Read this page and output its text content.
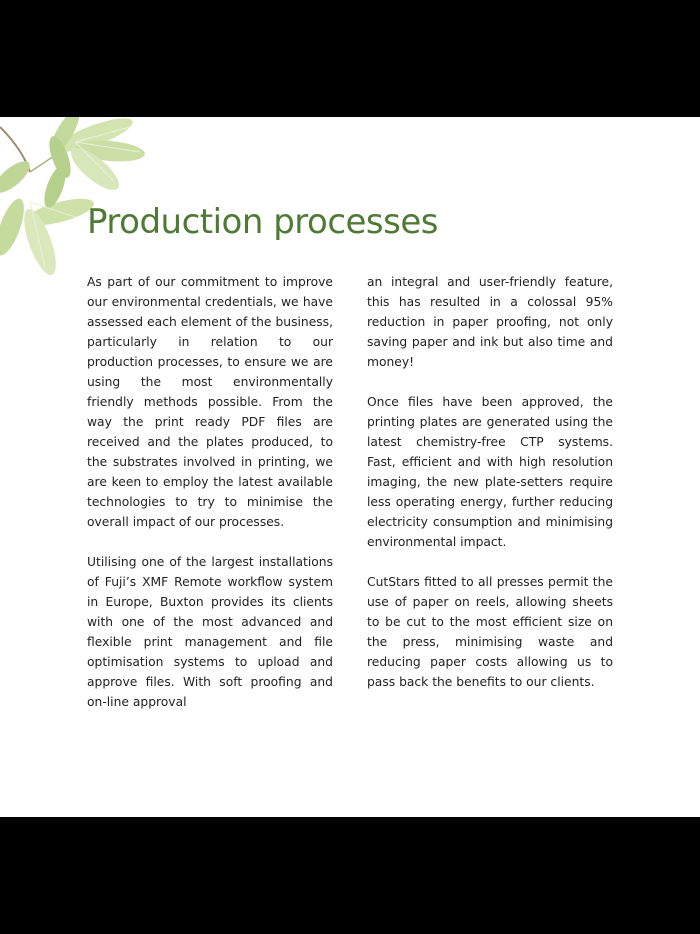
Production processes

As part of our commitment to improve our environmental credentials, we have assessed each element of the business, particularly in relation to our production processes, to ensure we are using the most environmentally friendly methods possible. From the way the print ready PDF files are received and the plates produced, to the substrates involved in printing, we are keen to employ the latest available technologies to try to minimise the overall impact of our processes.

Utilising one of the largest installations of Fuji’s XMF Remote workflow system in Europe, Buxton provides its clients with one of the most advanced and flexible print management and file optimisation systems to upload and approve files. With soft proofing and on-line approval

an integral and user-friendly feature, this has resulted in a colossal 95% reduction in paper proofing, not only saving paper and ink but also time and money!

Once files have been approved, the printing plates are generated using the latest chemistry-free CTP systems. Fast, efficient and with high resolution imaging, the new plate-setters require less operating energy, further reducing electricity consumption and minimising environmental impact.

CutStars fitted to all presses permit the use of paper on reels, allowing sheets to be cut to the most efficient size on the press, minimising waste and reducing paper costs allowing us to pass back the benefits to our clients.
